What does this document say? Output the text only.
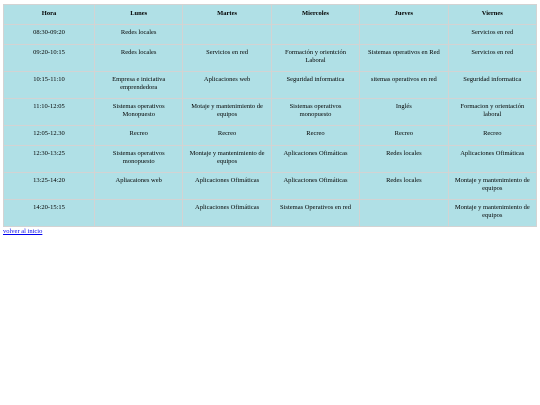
Hora	Lunes	Martes	Miercoles	Jueves	Viernes
08:30-09:20	Redes locales				Servicios en red
09:20-10:15	Redes locales	Servicios en red	Formación y orientción Laboral	Sistemas operativos en Red	Servicios en red
10:15-11:10	Empresa e iniciativa emprendedora	Aplicaciones web	Seguridad informatica	sitemas operativos en red	Seguridad informatica
11:10-12:05	Sistemas operativos Monopuesto	Motaje y mantenimiento de equipos	Sistemas operativos monopuesto	Inglés	Formacion y orientación laboral
12:05-12.30	Recreo	Recreo	Recreo	Recreo	Recreo
12:30-13:25	Sistemas operativos monopuesto	Montaje y mantenimiento de equipos	Aplicaciones Ofimáticas	Redes locales	Aplicaciones Ofimáticas
13:25-14:20	Apliacaiones web	Aplicaciones Ofimáticas	Aplicaciones Ofimáticas	Redes locales	Montaje y mantenimiento de equipos
14:20-15:15		Aplicaciones Ofimáticas	Sistemas Operativos en red		Montaje y mantenimiento de equipos
volver al inicio
